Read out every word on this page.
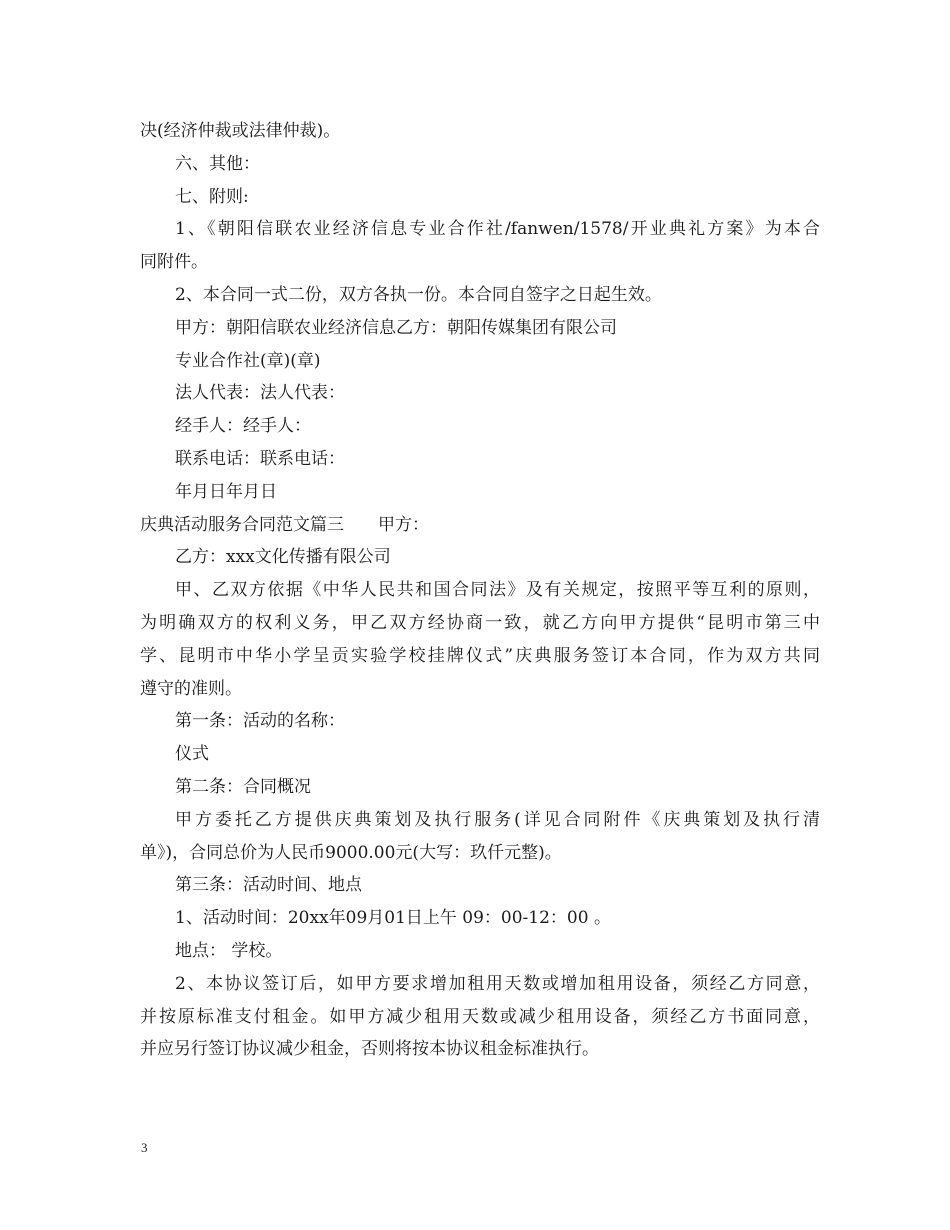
决(经济仲裁或法律仲裁)。
六、其他：
七、附则:
1、《朝阳信联农业经济信息专业合作社/fanwen/1578/开业典礼方案》为本合
同附件。
2、本合同一式二份，双方各执一份。本合同自签字之日起生效。
甲方：朝阳信联农业经济信息乙方：朝阳传媒集团有限公司
专业合作社(章)(章)
法人代表：法人代表：
经手人：经手人：
联系电话：联系电话：
年月日年月日
庆典活动服务合同范文篇三 甲方：
乙方：xxx文化传播有限公司
甲、乙双方依据《中华人民共和国合同法》及有关规定，按照平等互利的原则，
为明确双方的权利义务，甲乙双方经协商一致，就乙方向甲方提供“昆明市第三中
学、昆明市中华小学呈贡实验学校挂牌仪式”庆典服务签订本合同，作为双方共同
遵守的准则。
第一条：活动的名称：
仪式
第二条：合同概况
甲方委托乙方提供庆典策划及执行服务(详见合同附件《庆典策划及执行清
单》)，合同总价为人民币9000.00元(大写：玖仟元整)。
第三条：活动时间、地点
1、活动时间：20xx年09月01日上午 09：00-12：00 。
地点： 学校。
2、本协议签订后，如甲方要求增加租用天数或增加租用设备，须经乙方同意，
并按原标准支付租金。如甲方减少租用天数或减少租用设备，须经乙方书面同意，
并应另行签订协议减少租金，否则将按本协议租金标准执行。
3
